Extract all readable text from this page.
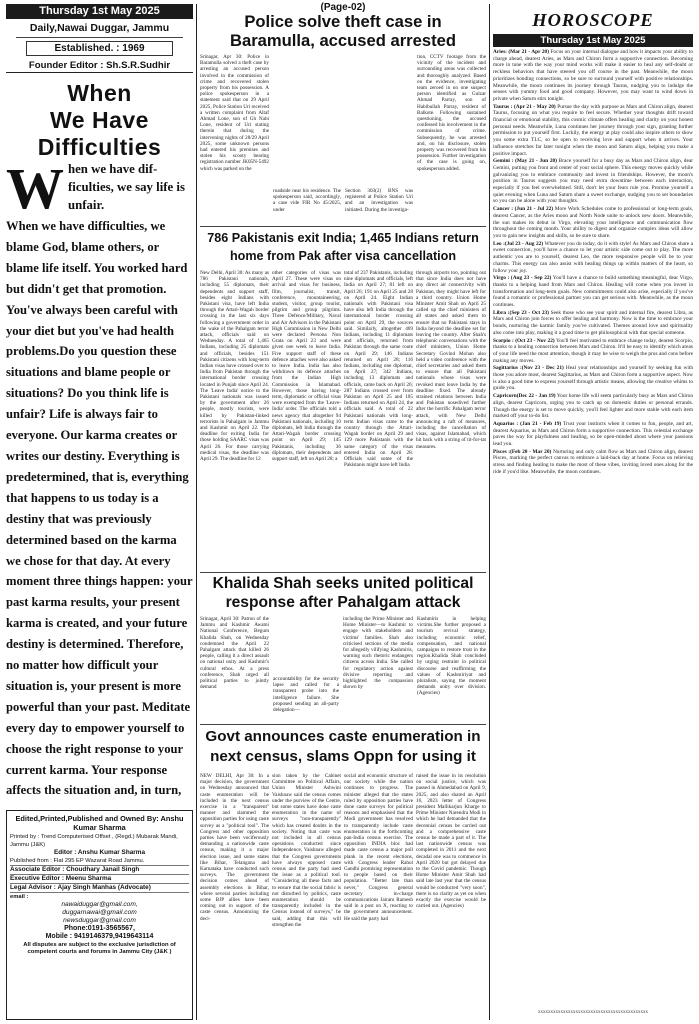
Thursday 1st May 2025
Daily,Nawai Duggar, Jammu
Established. : 1969
Founder Editor : Sh.S.R.Sudhir
When
We Have
Difficulties
W hen we have dif- ficulties, we say life is unfair.
When we have difficulties, we blame God, blame others, or blame life itself. You worked hard but didn't get that promotion. You've always been careful with your diet but you've had health problems.Do you question these situations and blame people or situations? Do you think life is unfair? Life is always fair to everyone. Our karma creates or writes our destiny. Everything is predetermined, that is, everything that happens to us today is a destiny that was previously determined based on the karma we chose for that day. At every moment three things happen: your past karma results, your present karma is created, and your future destiny is determined. Therefore, no matter how difficult your situation is, your present is more powerful than your past. Meditate every day to empower yourself to choose the right response to your current karma. Your response affects the situation and, in turn,
Edited,Printed,Published and Owned By: Anshu Kumar Sharma
Printed by : Trend Computerised Offset , (Regd.) Mubarak Mandi, Jammu (J&K)
Editor : Anshu Kumar Sharma
Published from : Flat 295 EP Wazarat Road Jammu.
Associate Editor : Choudhary Janail Singh
Executive Editor : Meenu Sharma
Legal Advisor : Ajay Singh Manhas (Advocate)
email :
nawaiduggar@gmail.com,
duggarnawai@gmail.com
newsduggar@gmail.com
Phone:0191-3565567,
Mobile : 9419146379,9419643114
All disputes are subject to the exclusive jurisdiction of competent courts and forums in Jammu City (J&K )
(Page-02)
Police solve theft case in Baramulla, accused arrested
Srinagar, Apr 30: Police in Baramulla solved a theft case by arresting an accused person involved in the commission of crime and recovered stolen property from his possession. A police spokesperson in a statement said that on 29 April 2025, Police Station Uri received a written complaint from Altaf Ahmad Lone, son of Gh Nabi Lone, resident of Uri stating therein that during the intervening nights of 28/29 April 2025, some unknown persons had entered his premises and stolen his scooty bearing registration number JK05N-5492 which was parked on the
roadside near his residence. The spokesperson said, accordingly, a case vide FIR No 45/2025, under
Section 303(2) BNS was registered at Police Station Uri and an investigation was initiated. During the investiga-
tion, CCTV footage from the vicinity of the incident and surrounding areas was collected and thoroughly analyzed. Based on the evidence, investigating team zeroed in on one suspect person identified as Gulzar Ahmad Parray, son of Habibullah Parray, resident of Balkote. Following sustained questioning, the accused confessed his involvement in the commission of crime. Subsequently, he was arrested and, on his disclosure, stolen property was recovered from his possession. Further investigation of the case is going on, spokesperson added.
786 Pakistanis exit India; 1,465 Indians return home from Pak after visa cancellation
New Delhi, April 30: As many as 786 Pakistani nationals, including 55 diplomats, their dependents and support staff, besides eight Indians with Pakistani visa, have left India through the Attari-Wagah border crossing in the last six days following a government order in the wake of the Pahalgam terror attack, officials said on Wednesday. A total of 1,465 Indians, including 25 diplomats and officials, besides 151 Pakistani citizens with long-term Indian visas have crossed over to India from Pakistan through the international border crossing located in Punjab since April 24. The 'Leave India' notice to the Pakistani nationals was issued by the government after 26 people, mostly tourists, were killed by Pakistan-linked terrorists in Pahalgam in Jammu and Kashmir on April 22. The deadline for exiting India for those holding SAARC visas was April 26. For those carrying medical visas, the deadline was April 29. The deadline for 12
other categories of visas was April 27. These were visas on arrival and visas for business, film, journalist, transit, conference, mountaineering, student, visitor, group tourist, pilgrim and group pilgrims. Three Defence/Military, Naval and Air Advisors in the Pakistani High Commission in New Delhi were declared Persona Non Grata on April 23 and were given one week to leave India. Five support staff of these defence attaches were also asked to leave India. India has also withdrawn its defence attaches from the Indian High Commission in Islamabad. However, those having long-term, diplomatic or official visas were exempted from the 'Leave-India' order. The officials told a news agency that altogether 94 Pakistani nationals, including 10 diplomats, left India through the Attari-Wagah border crossing point on April 29; 145 Pakistanis, including 36 diplomats, their dependents and support staff, left on April 28; a
total of 237 Pakistanis, including nine diplomats and officials, left India on April 27; 81 left on April 26; 191 on April 25 and 28 on April 24. Eight Indian nationals with Pakistani visa have also left India through the international border crossing point on April 29, the sources said. Similarly, altogether 469 Indians, including 11 diplomats and officials, returned from Pakistan through the same route on April 29; 146 Indians returned on April 28; 116 Indians, including one diplomat, on April 27; 342 Indians, including 13 diplomats and officials, came back on April 26; 287 Indians crossed over from Pakistan on April 25 and 105 Indians returned on April 24, the officials said. A total of 22 Pakistani nationals with long-term Indian visas came to the country through the Attari-Wagah border on April 29 and 129 more Pakistanis with the same category of the visas entered India on April 28. Officials said some of the Pakistanis might have left India
through airports too, pointing out that since India does not have any direct air connectivity with Pakistan, they might have left for a third country. Union Home Minister Amit Shah on April 25 called up the chief ministers of all states and asked them to ensure that no Pakistani stays in India beyond the deadline set for leaving the country. After Shah's telephonic conversations with the chief ministers, Union Home Secretary Govind Mohan also held a video conference with the chief secretaries and asked them to ensure that all Pakistani nationals whose visas were revoked must leave India by the deadline fixed. The already strained relations between India and Pakistan nosedived further after the horrific Pahalgam terror attack, with New Delhi announcing a raft of measures, including the cancellation of visas, against Islamabad, which hit back with a string of tit-for-tat measures.
Khalida Shah seeks united political response after Pahalgam attack
Srinagar, April 30: Patron of the Jammu and Kashmir Awami National Conference, Begum Khalida Shah, on Wednesday condemned the April 22 Pahalgam attack that killed 26 people, calling it a direct assault on national unity and Kashmir's cultural ethos. At a press conference, Shah urged all political parties to jointly demand
accountability for the security lapse and called for a transparent probe into the intelligence failure. She proposed sending an all-party delegation—
including the Prime Minister and Home Minister—to Kashmir to engage with stakeholders and victims' families. Shah also criticised sections of the media for allegedly vilifying Kashmiris, warning such rhetoric endangers citizens across India. She called for regulatory action against divisive reporting and highlighted the compassion shown by
Kashmiris in helping victims.She further proposed a tourism revival strategy, including economic relief, compensation, and national campaigns to restore trust in the region.Khalida Shah concluded by urging restraint in political discourse and reaffirming the values of Kashmiriyat and pluralism, saying the moment demands unity over division. (Agencies)
Govt announces caste enumeration in next census, slams Oppn for using it
NEW DELHI, Apr 30: In a major decision, the government on Wednesday announced that caste enumeration will be included in the next census exercise in a "transparent" manner and slammed the opposition parties for using caste survey as a "political tool". The Congress and other opposition parties have been vociferously demanding a nationwide caste census, making it a major election issue, and some states like Bihar, Telangana and Karnataka have conducted such surveys. The government decision comes ahead of assembly elections in Bihar, where several parties including some BJP allies have been coming out in support of the caste census. Announcing the deci-
sion taken by the Cabinet Committee on Political Affairs, Union Minister Ashwini Vaishnaw said the census comes under the purview of the Centre, but some states have done caste enumeration in the name of surveys "non-transparently" which has created doubts in the society. Noting that caste was not included in all census operations conducted since Independence, Vaishnaw alleged that the Congress governments have always opposed caste census and the party had used the issue as a political tool. "Considering all these facts and to ensure that the social fabric is not disturbed by politics, caste enumeration should be transparently included in the Census instead of surveys," he said, adding that this will strengthen the
social and economic structure of our society while the nation continues to progress. The minister alleged that the states ruled by opposition parties have done caste surveys for political reasons and emphasised that the Modi government has resolved to transparently include caste enumeration in the forthcoming pan-India census exercise. The opposition INDIA bloc had made caste census a major poll plank in the recent elections, with Congress leader Rahul Gandhi promising representation to people based on their population. "Better late than never," Congress general secretary in-charge communications Jairam Ramesh said in a post on X, reacting to the government announcement. He said the party had
raised the issue in its resolution on social justice, which was passed in Ahmedabad on April 9, 2025, and also shared an April 16, 2023 letter of Congress president Mallikarjun Kharge to Prime Minister Narendra Modi in which he had demanded that the decennial census be carried out and a comprehensive caste census be made a part of it. The last nationwide census was completed in 2011 and the next decadal one was to commence in April 2020 but got delayed due to the Covid pandemic. Though Home Minister Amit Shah had said late last year that the census would be conducted "very soon", there is no clarity as yet on when exactly the exercise would be carried out. (Agencies)
HOROSCOPE
Thursday 1st May 2025
Aries: (Mar 21 - Apr 20) Focus on your internal dialogue and how it impacts your ability to charge ahead, dearest Aries, as Mars and Chiron form a supportive connection. Becoming more in tune with the way your mind works will make it easier to heal any self-doubt or reckless behaviors that have steered you off course in the past. Meanwhile, the moon prioritizes bonding connections, so be sure to surround yourself with positive relationships. Meanwhile, the moon continues its journey through Taurus, nudging you to indulge the senses with yummy food and good company. However, you may want to wind down in private when Saturn stirs tonight.
Taurus : (Apr 21 - May 20) Pursue the day with purpose as Mars and Chiron align, dearest Taurus, focusing on what you require to feel secure. Whether your thoughts drift toward financial or emotional stability, this cosmic climate offers healing and clarity on your honest personal needs. Meanwhile, Luna continues her journey through your sign, granting further permission to put yourself first. Luckily, the energy at play could also inspire others to show you some extra TLC, so be open to receiving love and support when it arrives. Your influence stretches far later tonight when the moon and Saturn align, helping you make a positive impact.
Gemini : (May 21 - Jun 20) Brace yourself for a busy day as Mars and Chiron align, dear Gemini, putting you front and center of your social sphere. This energy moves quickly while galvanizing you to embrace community and invest in friendships. However, the moon's position in Taurus suggests you may need extra downtime between each interaction, especially if you feel overwhelmed. Still, don't let your fears rule you. Promise yourself a quiet evening when Luna and Saturn share a sweet exchange, nudging you to set boundaries so you can be alone with your thoughts.
Cancer : (Jun 21 - Jul 22) More Work Schedules come to professional or long-term goals, dearest Cancer, as the Aries moon and North Node unite to unlock new doors. Meanwhile, the sun makes its debut in Virgo, elevating your intelligence and communication flow throughout the coming month. Your ability to digest and organize complex ideas will allow you to gain new insights and skills, so be sure to share.
Leo :(Jul 23 - Aug 22) Whatever you do today, do it with style! As Mars and Chiron share a sweet connection, you'll have a chance to let your artistic side come out to play. The more authentic you are to yourself, dearest Leo, the more responsive people will be to your charms. This energy can also assist with healing things up within matters of the heart, so follow your joy.
Virgo : (Aug 23 - Sep 22) You'll have a chance to build something meaningful, dear Virgo, thanks to a helping hand from Mars and Chiron. Healing will come when you invest in transformation and long-term goals. New commitments could also arise, especially if you've found a romantic or professional partner you can get serious with. Meanwhile, as the moon continues.
Libra :(Sep 23 - Oct 23) Seek those who see your spirit and internal fire, dearest Libra, as Mars and Chiron join forces to offer healing and harmony. Now is the time to embrace your bonds, nurturing the karmic family you've cultivated. Themes around love and spirituality also come into play, making it a good time to get philosophical with that special someone.
Scorpio : (Oct 23 - Nov 22) You'll feel motivated to embrace change today, dearest Scorpio, thanks to a healing connection between Mars and Chiron. It'll be easy to identify which areas of your life need the most attention, though it may be wise to weigh the pros and cons before making any moves.
Sagittarius :(Nov 23 - Dec 21) Heal your relationships and yourself by seeking fun with those you adore most, dearest Sagittarius, as Mars and Chiron form a supportive aspect. Now is also a good time to express yourself through artistic means, allowing the creative whims to guide you.
Capricorn(Dec 22 - Jan 19) Your home life will seem particularly busy as Mars and Chiron align, dearest Capricorn, urging you to catch up on domestic duties or personal errands. Though the energy is set to move quickly, you'll feel lighter and more stable with each item marked off your to-do list.
Aquarius : (Jan 21 - Feb 19) Trust your instincts when it comes to fun, people, and art, dearest Aquarius, as Mars and Chiron form a supportive connection. This celestial exchange paves the way for playfulness and healing, so be open-minded about where your passions lead you.
Pisces :(Feb 20 - Mar 20) Nurturing and only calm flow as Mars and Chiron align, dearest Pisces, marking the perfect canvas to embrace a laid-back day at home. Focus on relieving stress and finding healing to make the most of these vibes, inviting loved ones along for the ride if you'd like. Meanwhile, the moon continues.
xxxxxxxxxxxxxxxxxxxxxxxxxxxxxxxxxxxxxxxxxxxx
